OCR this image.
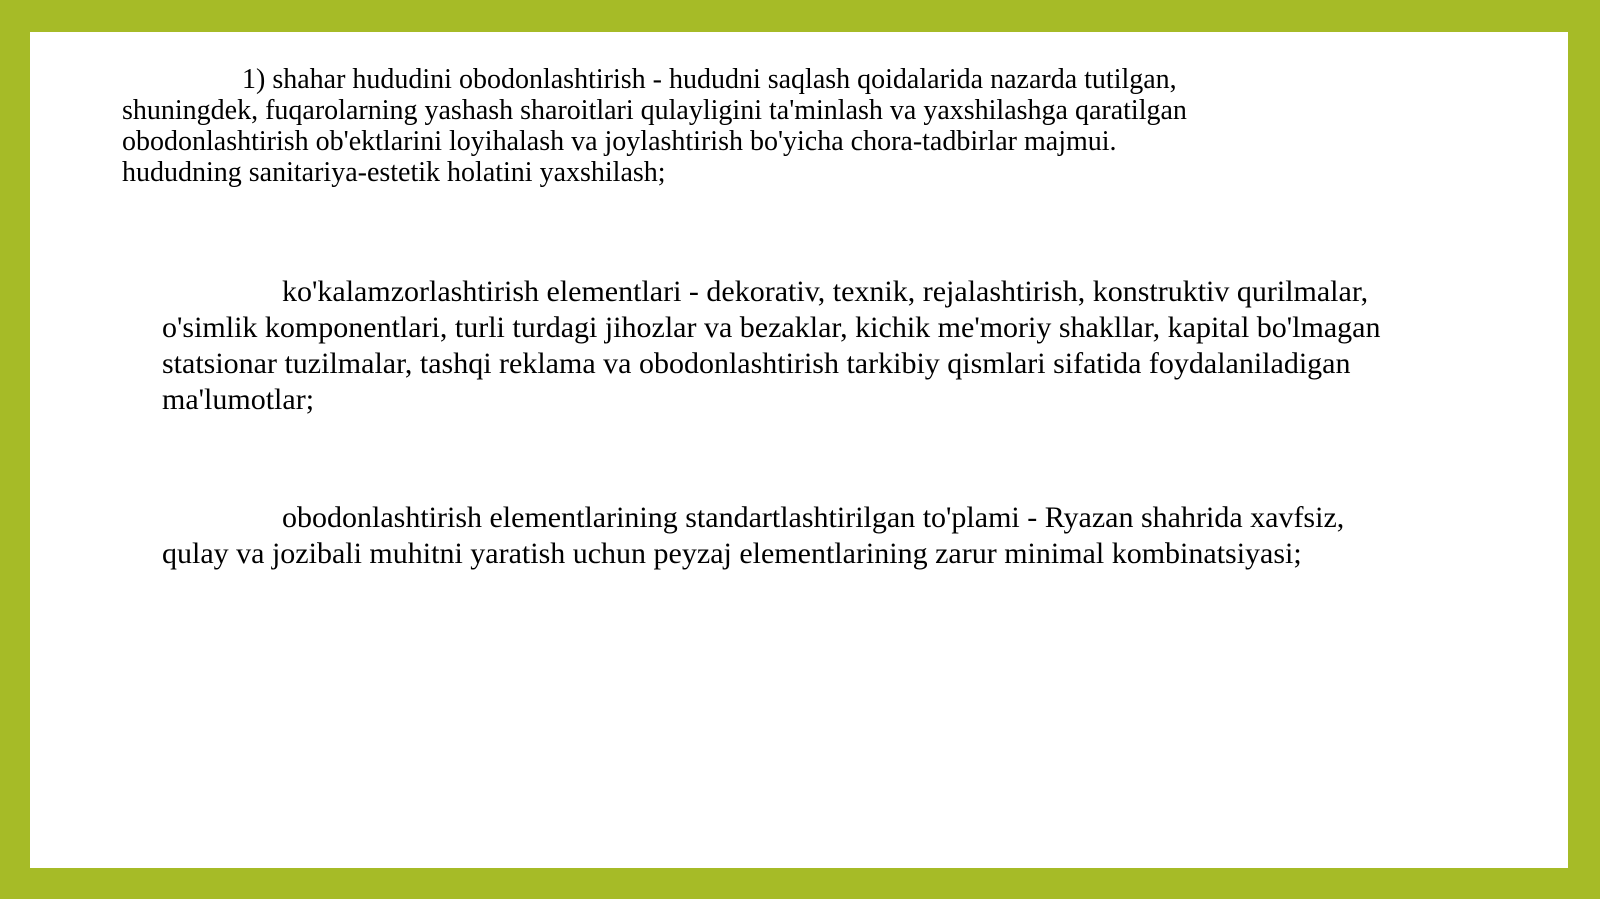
1) shahar hududini obodonlashtirish - hududni saqlash qoidalarida nazarda tutilgan, shuningdek, fuqarolarning yashash sharoitlari qulayligini ta'minlash va yaxshilashga qaratilgan obodonlashtirish ob'ektlarini loyihalash va joylashtirish bo'yicha chora-tadbirlar majmui. hududning sanitariya-estetik holatini yaxshilash;

ko'kalamzorlashtirish elementlari - dekorativ, texnik, rejalashtirish, konstruktiv qurilmalar, o'simlik komponentlari, turli turdagi jihozlar va bezaklar, kichik me'moriy shakllar, kapital bo'lmagan statsionar tuzilmalar, tashqi reklama va obodonlashtirish tarkibiy qismlari sifatida foydalaniladigan ma'lumotlar;

obodonlashtirish elementlarining standartlashtirilgan to'plami - Ryazan shahrida xavfsiz, qulay va jozibali muhitni yaratish uchun peyzaj elementlarining zarur minimal kombinatsiyasi;
